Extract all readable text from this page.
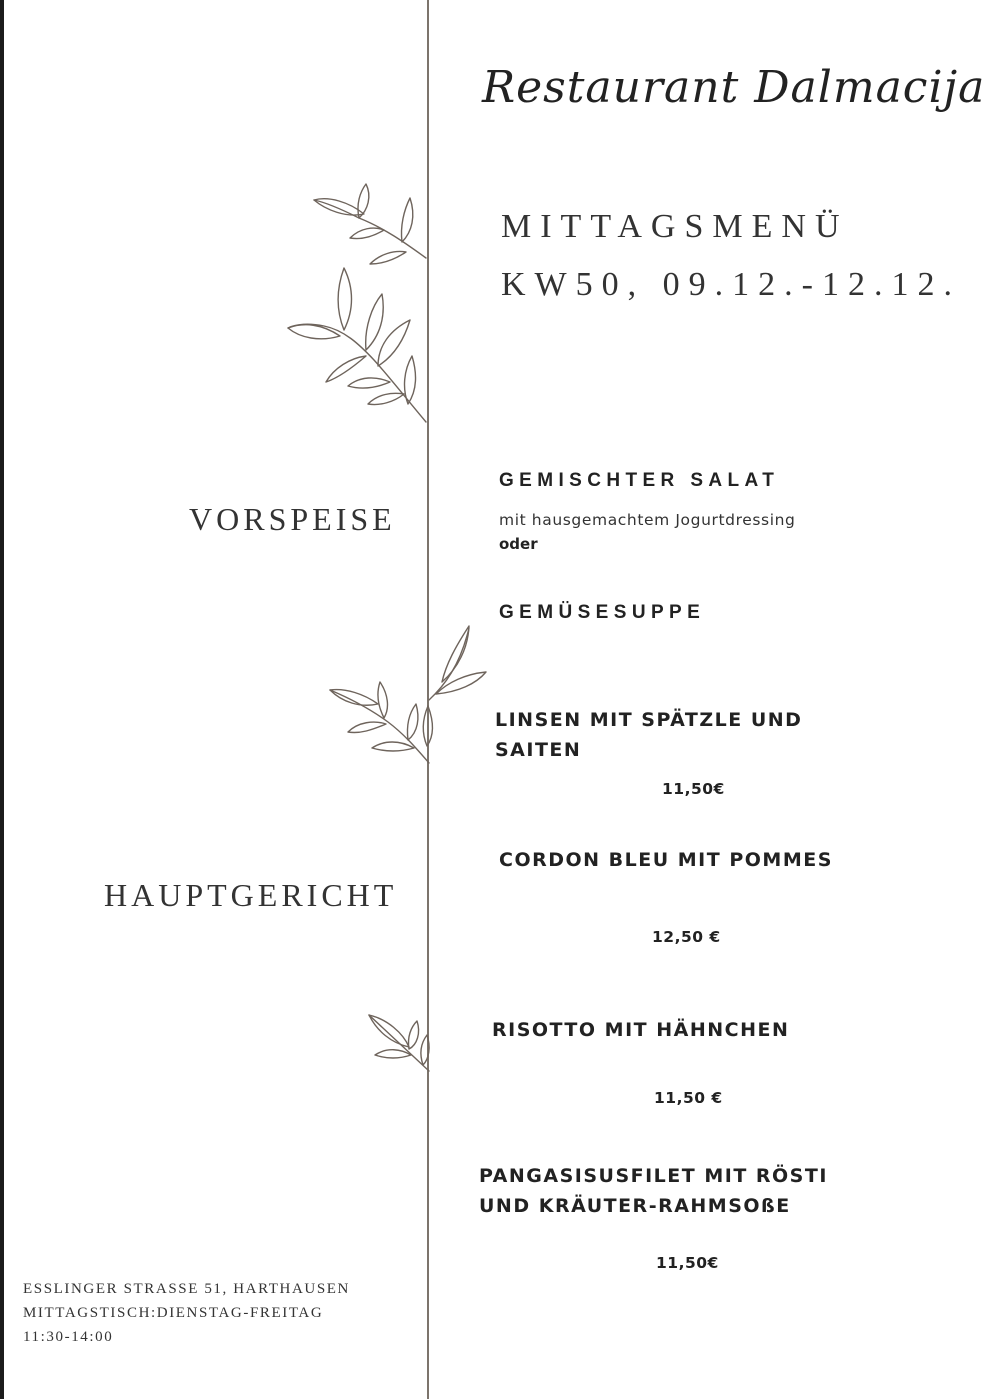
Restaurant Dalmacija
MITTAGSMENÜ
KW50, 09.12.-12.12.
VORSPEISE
GEMISCHTER SALAT
mit hausgemachtem Jogurtdressing
oder
GEMÜSESUPPE
HAUPTGERICHT
LINSEN MIT SPÄTZLE UND
SAITEN
11,50€
CORDON BLEU MIT POMMES
12,50 €
RISOTTO MIT HÄHNCHEN
11,50 €
PANGASISUSFILET MIT RÖSTI
UND KRÄUTER-RAHMSOßE
11,50€
ESSLINGER STRASSE 51, HARTHAUSEN
MITTAGSTISCH:DIENSTAG-FREITAG
11:30-14:00
